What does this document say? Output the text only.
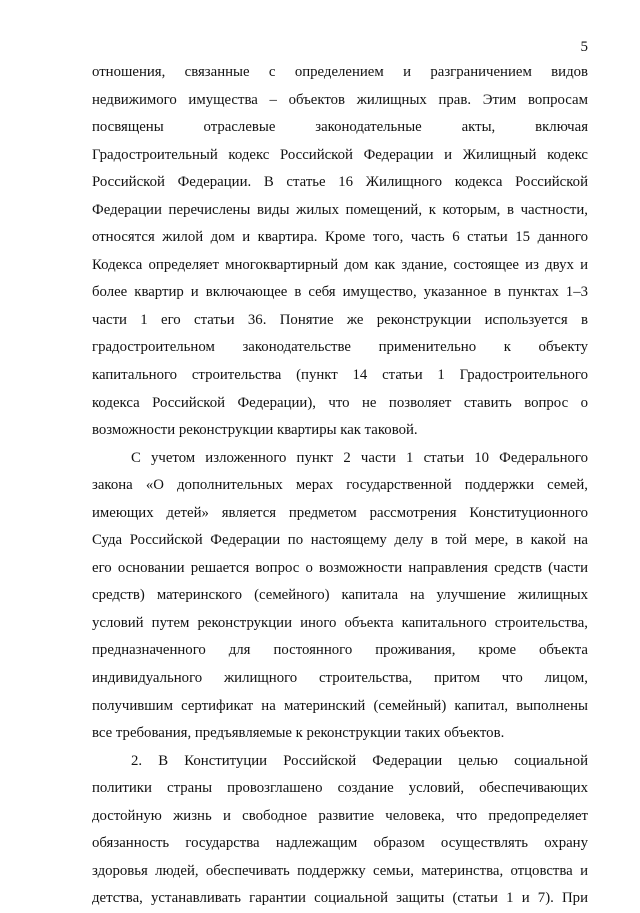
5
отношения, связанные с определением и разграничением видов
недвижимого имущества – объектов жилищных прав. Этим вопросам
посвящены отраслевые законодательные акты, включая
Градостроительный кодекс Российской Федерации и Жилищный кодекс
Российской Федерации. В статье 16 Жилищного кодекса Российской
Федерации перечислены виды жилых помещений, к которым, в частности,
относятся жилой дом и квартира. Кроме того, часть 6 статьи 15 данного
Кодекса определяет многоквартирный дом как здание, состоящее из двух и
более квартир и включающее в себя имущество, указанное в пунктах 1–3
части 1 его статьи 36. Понятие же реконструкции используется в
градостроительном законодательстве применительно к объекту
капитального строительства (пункт 14 статьи 1 Градостроительного
кодекса Российской Федерации), что не позволяет ставить вопрос о
возможности реконструкции квартиры как таковой.
С учетом изложенного пункт 2 части 1 статьи 10 Федерального
закона «О дополнительных мерах государственной поддержки семей,
имеющих детей» является предметом рассмотрения Конституционного
Суда Российской Федерации по настоящему делу в той мере, в какой на
его основании решается вопрос о возможности направления средств (части
средств) материнского (семейного) капитала на улучшение жилищных
условий путем реконструкции иного объекта капитального строительства,
предназначенного для постоянного проживания, кроме объекта
индивидуального жилищного строительства, притом что лицом,
получившим сертификат на материнский (семейный) капитал, выполнены
все требования, предъявляемые к реконструкции таких объектов.
2. В Конституции Российской Федерации целью социальной
политики страны провозглашено создание условий, обеспечивающих
достойную жизнь и свободное развитие человека, что предопределяет
обязанность государства надлежащим образом осуществлять охрану
здоровья людей, обеспечивать поддержку семьи, материнства, отцовства и
детства, устанавливать гарантии социальной защиты (статьи 1 и 7). При
